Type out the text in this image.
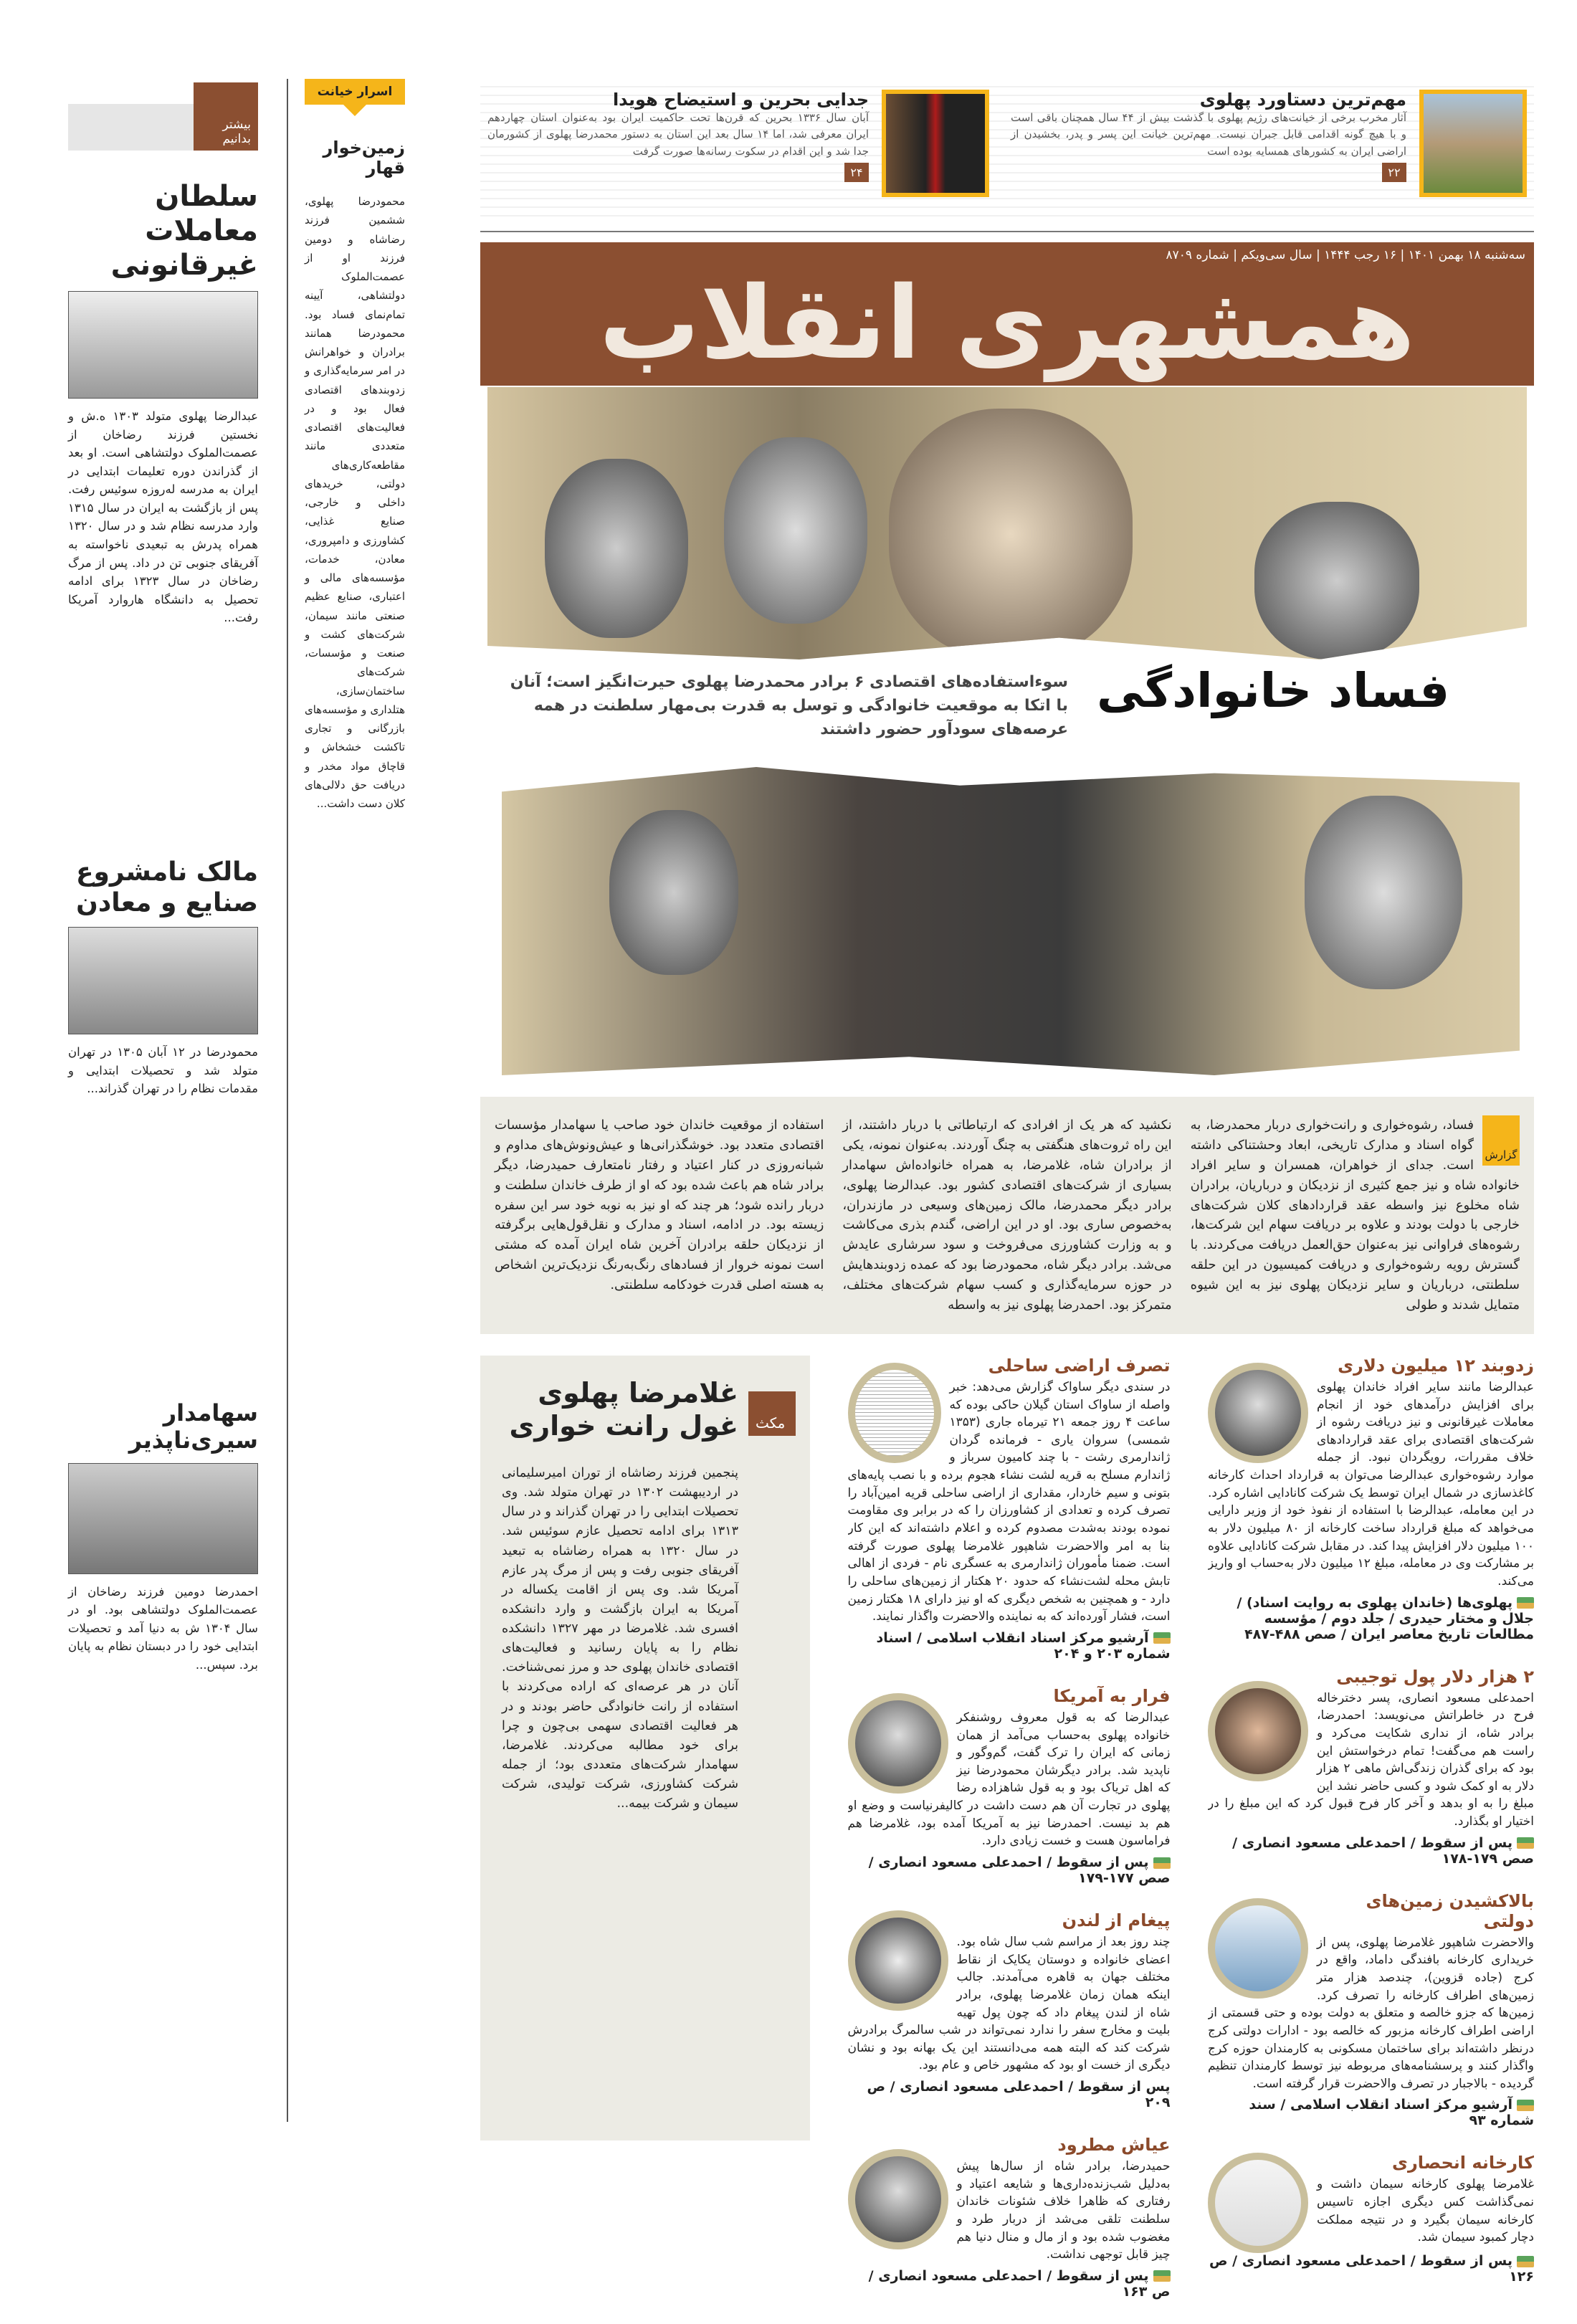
بیشتر بدانیم
سلطان معاملات غیرقانونی

عبدالرضا پهلوی متولد ۱۳۰۳ ه.ش و نخستین فرزند رضاخان از عصمت‌الملوک دولتشاهی است. او بعد از گذراندن دوره تعلیمات ابتدایی در ایران به مدرسه له‌روزه سوئیس رفت. پس از بازگشت به ایران در سال ۱۳۱۵ وارد مدرسه نظام شد و در سال ۱۳۲۰ همراه پدرش به تبعیدی ناخواسته به آفریقای جنوبی تن در داد. پس از مرگ رضاخان در سال ۱۳۲۳ برای ادامه تحصیل به دانشگاه هاروارد آمریکا رفت...

مالک نامشروع صنایع و معادن

محمودرضا در ۱۲ آبان ۱۳۰۵ در تهران متولد شد و تحصیلات ابتدایی و مقدمات نظام را در تهران گذراند...

سهامدار سیری‌ناپذیر

احمدرضا دومین فرزند رضاخان از عصمت‌الملوک دولتشاهی بود. او در سال ۱۳۰۴ ش به دنیا آمد و تحصیلات ابتدایی خود را در دبستان نظام به پایان برد. سپس...

اسرار خیانت
زمین‌خوار قهار

محمودرضا پهلوی، ششمین فرزند رضاشاه و دومین فرزند او از عصمت‌الملوک دولتشاهی، آیینه تمام‌نمای فساد بود. محمودرضا همانند برادران و خواهرانش در امر سرمایه‌گذاری و زدوبندهای اقتصادی فعال بود و در فعالیت‌های اقتصادی متعددی مانند مقاطعه‌کاری‌های دولتی، خریدهای داخلی و خارجی، صنایع غذایی، کشاورزی و دامپروری، معادن، خدمات، مؤسسه‌های مالی و اعتباری، صنایع عظیم صنعتی مانند سیمان، شرکت‌های کشت و صنعت و مؤسسات، شرکت‌های ساختمان‌سازی، هتلداری و مؤسسه‌های بازرگانی و تجاری تاکشت خشخاش و قاچاق مواد مخدر و دریافت حق دلالی‌های کلان دست داشت...

مهم‌ترین دستاورد پهلوی

آثار مخرب برخی از خیانت‌های رژیم پهلوی با گذشت بیش از ۴۴ سال همچنان باقی است و با هیچ گونه اقدامی قابل جبران نیست. مهم‌ترین خیانت این پسر و پدر، بخشیدن از اراضی ایران به کشورهای همسایه بوده است

۲۲
جدایی بحرین و استیضاح هویدا

آبان سال ۱۳۳۶ بحرین که قرن‌ها تحت حاکمیت ایران بود به‌عنوان استان چهاردهم ایران معرفی شد، اما ۱۴ سال بعد این استان به دستور محمدرضا پهلوی از کشورمان جدا شد و این اقدام در سکوت رسانه‌ها صورت گرفت

۲۴
سه‌شنبه ۱۸ بهمن ۱۴۰۱ | ۱۶ رجب ۱۴۴۴ | سال سی‌ویکم | شماره ۸۷۰۹
همشهری انقلاب
فساد خانوادگی
سوءاستفاده‌های اقتصادی ۶ برادر محمدرضا پهلوی حیرت‌انگیز است؛ آنان با اتکا به موقعیت خانوادگی و توسل به قدرت بی‌مهار سلطنت در همه عرصه‌های سودآور حضور داشتند
گزارش

فساد، رشوه‌خواری و رانت‌خواری دربار محمدرضا، به گواه اسناد و مدارک تاریخی، ابعاد وحشتناکی داشته است. جدای از خواهران، همسران و سایر افراد خانواده شاه و نیز جمع کثیری از نزدیکان و درباریان، برادران شاه مخلوع نیز واسطه عقد قراردادهای کلان شرکت‌های خارجی با دولت بودند و علاوه بر دریافت سهام این شرکت‌ها، رشوه‌های فراوانی نیز به‌عنوان حق‌العمل دریافت می‌کردند. با گسترش رویه رشوه‌خواری و دریافت کمیسیون در این حلقه سلطنتی، درباریان و سایر نزدیکان پهلوی نیز به این شیوه متمایل شدند و طولی

نکشید که هر یک از افرادی که ارتباطاتی با دربار داشتند، از این راه ثروت‌های هنگفتی به چنگ آوردند. به‌عنوان نمونه، یکی از برادران شاه، غلامرضا، به همراه خانواده‌اش سهامدار بسیاری از شرکت‌های اقتصادی کشور بود. عبدالرضا پهلوی، برادر دیگر محمدرضا، مالک زمین‌های وسیعی در مازندران، به‌خصوص ساری بود. او در این اراضی، گندم بذری می‌کاشت و به وزارت کشاورزی می‌فروخت و سود سرشاری عایدش می‌شد. برادر دیگر شاه، محمودرضا بود که عمده زدوبندهایش در حوزه سرمایه‌گذاری و کسب سهام شرکت‌های مختلف، متمرکز بود. احمدرضا پهلوی نیز به واسطه

استفاده از موقعیت خاندان خود صاحب یا سهامدار مؤسسات اقتصادی متعدد بود. خوشگذرانی‌ها و عیش‌ونوش‌های مداوم و شبانه‌روزی در کنار اعتیاد و رفتار نامتعارف حمیدرضا، دیگر برادر شاه هم باعث شده بود که او از طرف خاندان سلطنت و دربار رانده شود؛ هر چند که او نیز به نوبه خود سر این سفره زیسته بود. در ادامه، اسناد و مدارک و نقل‌قول‌هایی برگرفته از نزدیکان حلقه برادران آخرین شاه ایران آمده که مشتی است نمونه خروار از فسادهای رنگ‌به‌رنگ نزدیک‌ترین اشخاص به هسته اصلی قدرت خودکامه سلطنتی.

زدوبند ۱۲ میلیون دلاری

عبدالرضا مانند سایر افراد خاندان پهلوی برای افزایش درآمدهای خود از انجام معاملات غیرقانونی و نیز دریافت رشوه از شرکت‌های اقتصادی برای عقد قراردادهای خلاف مقررات، رویگردان نبود. از جمله موارد رشوه‌خواری عبدالرضا می‌توان به قرارداد احداث کارخانه کاغذسازی در شمال ایران توسط یک شرکت کانادایی اشاره کرد. در این معامله، عبدالرضا با استفاده از نفوذ خود از وزیر دارایی می‌خواهد که مبلغ قرارداد ساخت کارخانه از ۸۰ میلیون دلار به ۱۰۰ میلیون دلار افزایش پیدا کند. در مقابل شرکت کانادایی علاوه بر مشارکت وی در معامله، مبلغ ۱۲ میلیون دلار به‌حساب او واریز می‌کند.

پهلوی‌ها (خاندان پهلوی به روایت اسناد) / جلال و مختار حیدری / جلد دوم / مؤسسه مطالعات تاریخ معاصر ایران / صص ۴۸۸-۴۸۷
۲ هزار دلار پول توجیبی

احمدعلی مسعود انصاری، پسر دخترخاله فرح در خاطراتش می‌نویسد: احمدرضا، برادر شاه، از نداری شکایت می‌کرد و راست هم می‌گفت! تمام درخواستش این بود که برای گذران زندگی‌اش ماهی ۲ هزار دلار به او کمک شود و کسی حاضر نشد این مبلغ را به او بدهد و آخر کار فرح قبول کرد که این مبلغ را در اختیار او بگذارد.

پس از سقوط / احمدعلی مسعود انصاری / صص ۱۷۹-۱۷۸
بالاکشیدن زمین‌های دولتی

والاحضرت شاهپور غلامرضا پهلوی، پس از خریداری کارخانه بافندگی داماد، واقع در کرج (جاده قزوین)، چندصد هزار متر زمین‌های اطراف کارخانه را تصرف کرد. زمین‌ها که جزو خالصه و متعلق به دولت بوده و حتی قسمتی از اراضی اطراف کارخانه مزبور که خالصه بود - ادارات دولتی کرج درنظر داشته‌اند برای ساختمان مسکونی به کارمندان حوزه کرج واگذار کنند و پرسشنامه‌های مربوطه نیز توسط کارمندان تنظیم گردیده - بالاجبار در تصرف والاحضرت قرار گرفته است.

آرشیو مرکز اسناد انقلاب اسلامی / سند شماره ۹۳
کارخانه انحصاری

غلامرضا پهلوی کارخانه سیمان داشت و نمی‌گذاشت کس دیگری اجازه تاسیس کارخانه سیمان بگیرد و در نتیجه مملکت دچار کمبود سیمان شد.

پس از سقوط / احمدعلی مسعود انصاری / ص ۱۲۶
تصرف اراضی ساحلی

در سندی دیگر ساواک گزارش می‌دهد: خبر واصله از ساواک استان گیلان حاکی بوده که ساعت ۴ روز جمعه ۲۱ تیرماه جاری (۱۳۵۳ شمسی) سروان یاری - فرمانده گردان ژاندارمری رشت - با چند کامیون سرباز و ژاندارم مسلح به قریه لشت نشاء هجوم برده و با نصب پایه‌های بتونی و سیم خاردار، مقداری از اراضی ساحلی قریه امین‌آباد را تصرف کرده و تعدادی از کشاورزان را که در برابر وی مقاومت نموده بودند به‌شدت مصدوم کرده و اعلام داشته‌اند که این کار بنا به امر والاحضرت شاهپور غلامرضا پهلوی صورت گرفته است. ضمنا مأموران ژاندارمری به عسگری نام - فردی از اهالی تابش محله لشت‌نشاء که حدود ۲۰ هکتار از زمین‌های ساحلی را دارد - و همچنین به شخص دیگری که او نیز دارای ۱۸ هکتار زمین است، فشار آورده‌اند که به نماینده والاحضرت واگذار نمایند.

آرشیو مرکز اسناد انقلاب اسلامی / اسناد شماره ۲۰۳ و ۲۰۴
فرار به آمریکا

عبدالرضا که به قول معروف روشنفکر خانواده پهلوی به‌حساب می‌آمد از همان زمانی که ایران را ترک گفت، گم‌وگور و ناپدید شد. برادر دیگرشان محمودرضا نیز که اهل تریاک بود و به قول شاهزاده رضا پهلوی در تجارت آن هم دست داشت در کالیفرنیاست و وضع او هم بد نیست. احمدرضا نیز به آمریکا آمده بود، غلامرضا هم فراماسون هست و خست زیادی دارد.

پس از سقوط / احمدعلی مسعود انصاری / صص ۱۷۷-۱۷۹
پیغام از لندن

چند روز بعد از مراسم شب سال شاه بود. اعضای خانواده و دوستان یکایک از نقاط مختلف جهان به قاهره می‌آمدند. جالب اینکه همان زمان غلامرضا پهلوی، برادر شاه از لندن پیغام داد که چون پول تهیه بلیت و مخارج سفر را ندارد نمی‌تواند در شب سالمرگ برادرش شرکت کند که البته همه می‌دانستند این یک بهانه بود و نشان دیگری از خست او بود که مشهور خاص و عام بود.

پس از سقوط / احمدعلی مسعود انصاری / ص ۲۰۹
عیاش مطرود

حمیدرضا، برادر شاه از سال‌ها پیش به‌دلیل شب‌زنده‌داری‌ها و شایعه اعتیاد و رفتاری که ظاهرا خلاف شئونات خاندان سلطنت تلقی می‌شد از دربار طرد و مغضوب شده بود و از مال و منال دنیا هم چیز قابل توجهی نداشت.

پس از سقوط / احمدعلی مسعود انصاری / ص ۱۶۳
مکث
غلامرضا پهلوی غول رانت خواری

پنجمین فرزند رضاشاه از توران امیرسلیمانی در اردیبهشت ۱۳۰۲ در تهران متولد شد. وی تحصیلات ابتدایی را در تهران گذراند و در سال ۱۳۱۳ برای ادامه تحصیل عازم سوئیس شد. در سال ۱۳۲۰ به همراه رضاشاه به تبعید آفریقای جنوبی رفت و پس از مرگ پدر عازم آمریکا شد. وی پس از اقامت یکساله در آمریکا به ایران بازگشت و وارد دانشکده افسری شد. غلامرضا در مهر ۱۳۲۷ دانشکده نظام را به پایان رسانید و فعالیت‌های اقتصادی خاندان پهلوی حد و مرز نمی‌شناخت. آنان در هر عرصه‌ای که اراده می‌کردند با استفاده از رانت خانوادگی حاضر بودند و در هر فعالیت اقتصادی سهمی بی‌چون و چرا برای خود مطالبه می‌کردند. غلامرضا، سهامدار شرکت‌های متعددی بود؛ از جمله شرکت کشاورزی، شرکت تولیدی، شرکت سیمان و شرکت بیمه...
